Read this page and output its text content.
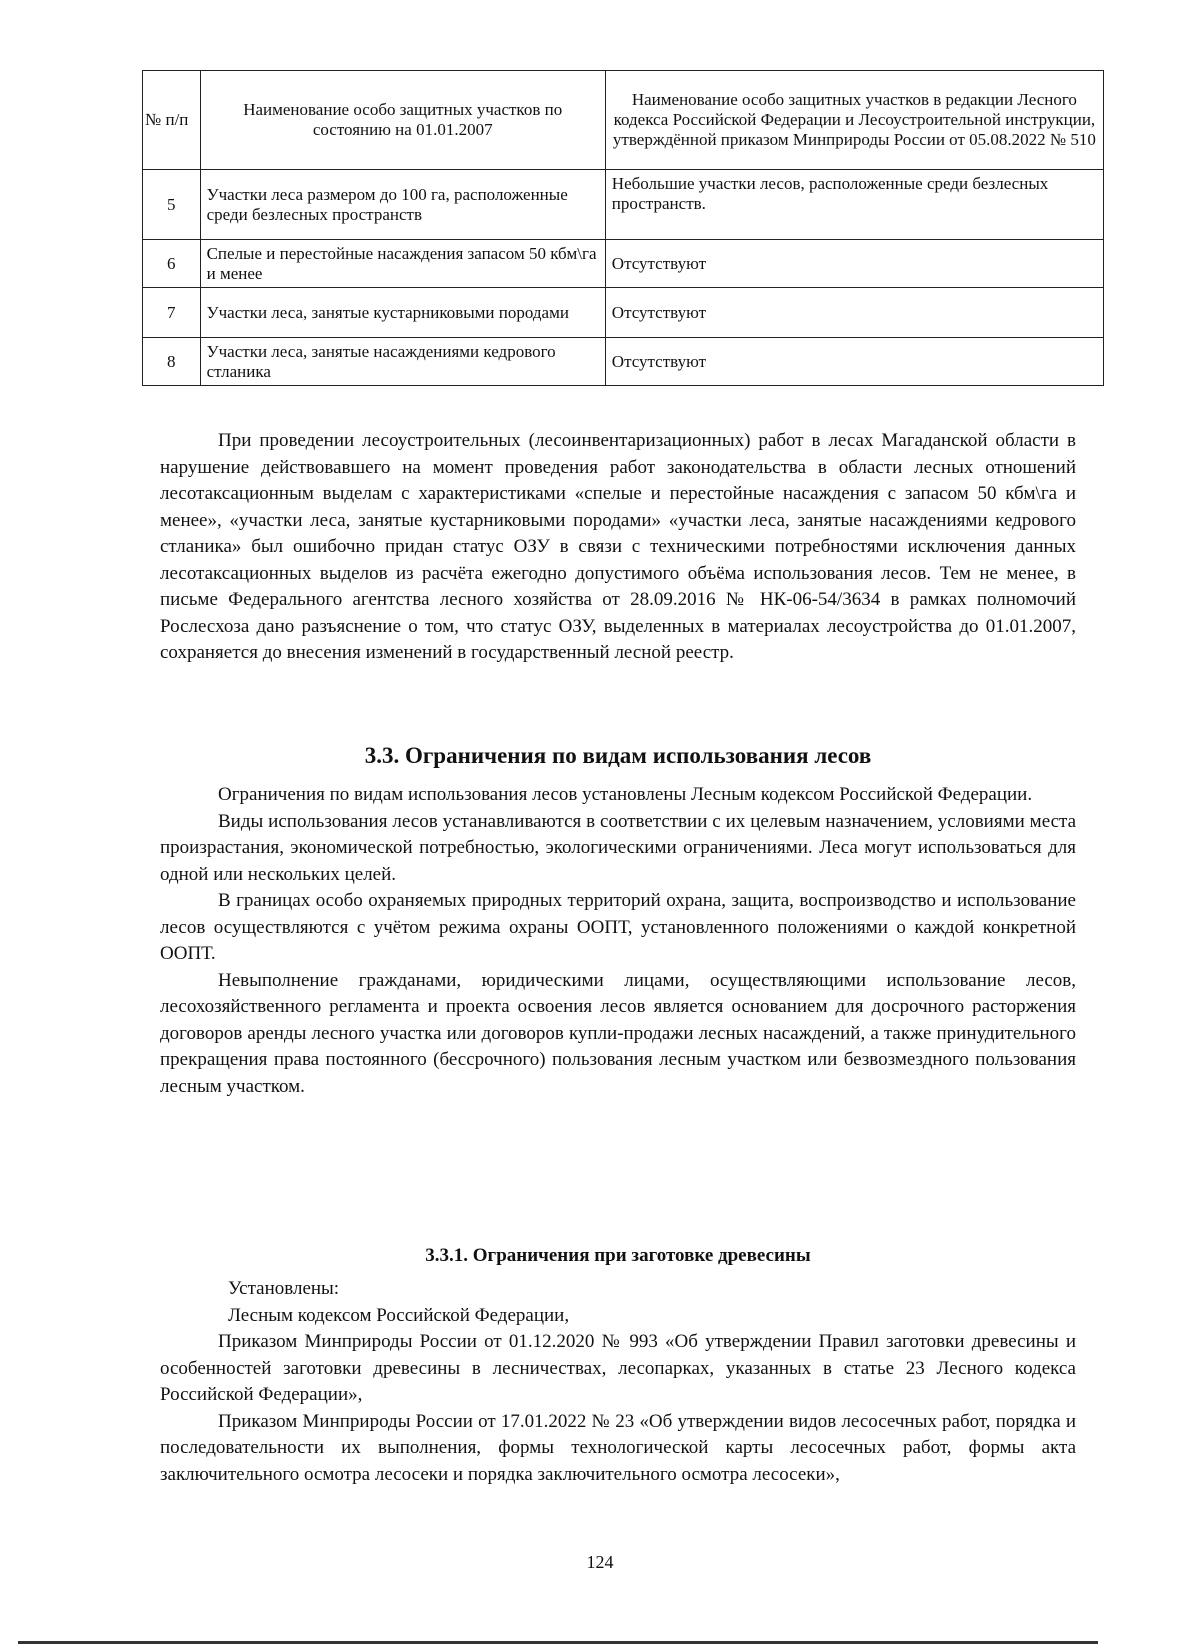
№ п/п	Наименование особо защитных участков по состоянию на 01.01.2007	Наименование особо защитных участков в редакции Лесного кодекса Российской Федерации и Лесоустроительной инструкции, утверждённой приказом Минприроды России от 05.08.2022 № 510
5	Участки леса размером до 100 га, расположенные среди безлесных пространств	Небольшие участки лесов, расположенные среди безлесных пространств.
6	Спелые и перестойные насаждения запасом 50 кбм\га и менее	Отсутствуют
7	Участки леса, занятые кустарниковыми породами	Отсутствуют
8	Участки леса, занятые насаждениями кедрового стланика	Отсутствуют

При проведении лесоустроительных (лесоинвентаризационных) работ в лесах Магаданской области в нарушение действовавшего на момент проведения работ законодательства в области лесных отношений лесотаксационным выделам с характеристиками «спелые и перестойные насаждения с запасом 50 кбм\га и менее», «участки леса, занятые кустарниковыми породами» «участки леса, занятые насаждениями кедрового стланика» был ошибочно придан статус ОЗУ в связи с техническими потребностями исключения данных лесотаксационных выделов из расчёта ежегодно допустимого объёма использования лесов. Тем не менее, в письме Федерального агентства лесного хозяйства от 28.09.2016 № НК-06-54/3634 в рамках полномочий Рослесхоза дано разъяснение о том, что статус ОЗУ, выделенных в материалах лесоустройства до 01.01.2007, сохраняется до внесения изменений в государственный лесной реестр.

3.3. Ограничения по видам использования лесов

Ограничения по видам использования лесов установлены Лесным кодексом Российской Федерации.

Виды использования лесов устанавливаются в соответствии с их целевым назначением, условиями места произрастания, экономической потребностью, экологическими ограничениями. Леса могут использоваться для одной или нескольких целей.

В границах особо охраняемых природных территорий охрана, защита, воспроизводство и использование лесов осуществляются с учётом режима охраны ООПТ, установленного положениями о каждой конкретной ООПТ.

Невыполнение гражданами, юридическими лицами, осуществляющими использование лесов, лесохозяйственного регламента и проекта освоения лесов является основанием для досрочного расторжения договоров аренды лесного участка или договоров купли-продажи лесных насаждений, а также принудительного прекращения права постоянного (бессрочного) пользования лесным участком или безвозмездного пользования лесным участком.

3.3.1. Ограничения при заготовке древесины

Установлены:

Лесным кодексом Российской Федерации,

Приказом Минприроды России от 01.12.2020 № 993 «Об утверждении Правил заготовки древесины и особенностей заготовки древесины в лесничествах, лесопарках, указанных в статье 23 Лесного кодекса Российской Федерации»,

Приказом Минприроды России от 17.01.2022 № 23 «Об утверждении видов лесосечных работ, порядка и последовательности их выполнения, формы технологической карты лесосечных работ, формы акта заключительного осмотра лесосеки и порядка заключительного осмотра лесосеки»,

124
